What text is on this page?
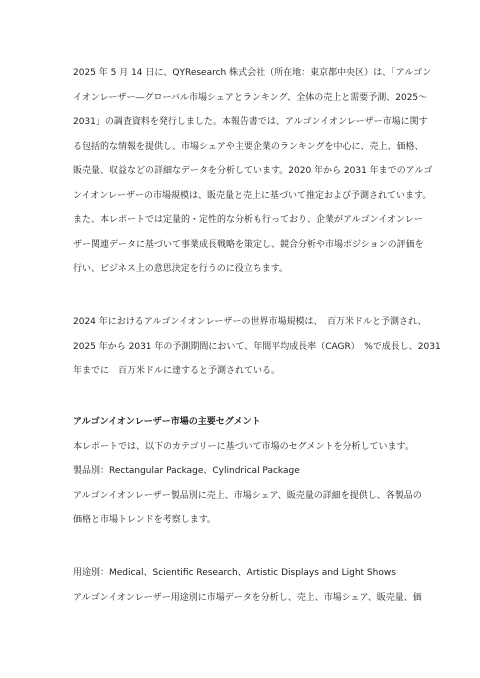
2025 年 5 月 14 日に、QYResearch 株式会社（所在地：東京都中央区）は、「アルゴン
イオンレーザー―グローバル市場シェアとランキング、全体の売上と需要予測、2025〜
2031」の調査資料を発行しました。本報告書では、アルゴンイオンレーザー市場に関す
る包括的な情報を提供し、市場シェアや主要企業のランキングを中心に、売上、価格、
販売量、収益などの詳細なデータを分析しています。2020 年から 2031 年までのアルゴ
ンイオンレーザーの市場規模は、販売量と売上に基づいて推定および予測されています。
また、本レポートでは定量的・定性的な分析も行っており、企業がアルゴンイオンレー
ザー関連データに基づいて事業成長戦略を策定し、競合分析や市場ポジションの評価を
行い、ビジネス上の意思決定を行うのに役立ちます。
2024 年におけるアルゴンイオンレーザーの世界市場規模は、　百万米ドルと予測され、
2025 年から 2031 年の予測期間において、年間平均成長率（CAGR）　%で成長し、2031
年までに　百万米ドルに達すると予測されている。
アルゴンイオンレーザー市場の主要セグメント
本レポートでは、以下のカテゴリーに基づいて市場のセグメントを分析しています。
製品別：Rectangular Package、Cylindrical Package
アルゴンイオンレーザー製品別に売上、市場シェア、販売量の詳細を提供し、各製品の
価格と市場トレンドを考察します。
用途別：Medical、Scientific Research、Artistic Displays and Light Shows
アルゴンイオンレーザー用途別に市場データを分析し、売上、市場シェア、販売量、価
